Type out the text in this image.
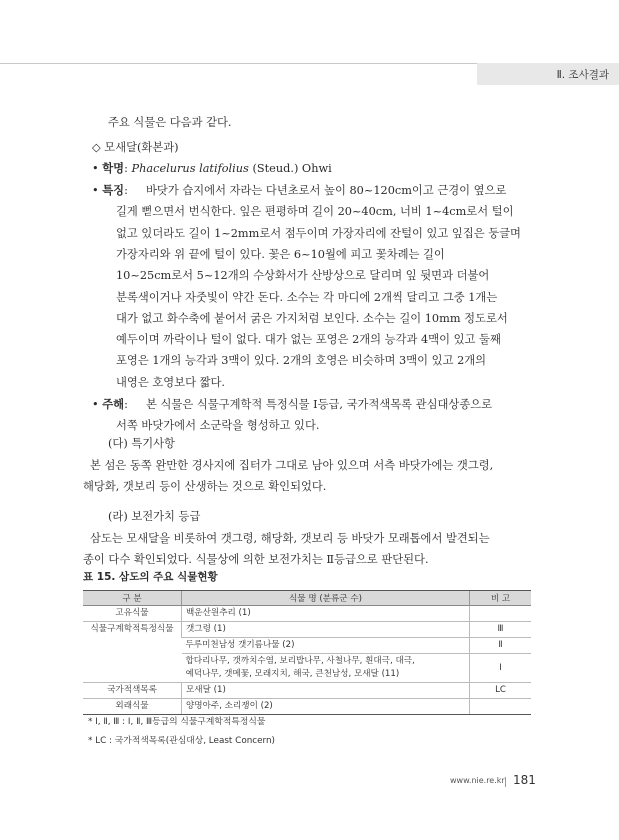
Ⅱ. 조사결과

주요 식물은 다음과 같다.

◇ 모새달(화본과)

• 학명: Phacelurus latifolius (Steud.) Ohwi
• 특징: 바닷가 습지에서 자라는 다년초로서 높이 80~120cm이고 근경이 옆으로

길게 뻗으면서 번식한다. 잎은 편평하며 길이 20~40cm, 너비 1~4cm로서 털이

없고 있더라도 길이 1~2mm로서 점두이며 가장자리에 잔털이 있고 잎집은 둥글며

가장자리와 위 끝에 털이 있다. 꽃은 6~10월에 피고 꽃차례는 길이

10~25cm로서 5~12개의 수상화서가 산방상으로 달리며 잎 뒷면과 더불어

분록색이거나 자줏빛이 약간 돈다. 소수는 각 마디에 2개씩 달리고 그중 1개는

대가 없고 화수축에 붙어서 굵은 가지처럼 보인다. 소수는 길이 10mm 정도로서

예두이며 까락이나 털이 없다. 대가 없는 포영은 2개의 능각과 4맥이 있고 둘째

포영은 1개의 능각과 3맥이 있다. 2개의 호영은 비슷하며 3맥이 있고 2개의

내영은 호영보다 짧다.

• 주해: 본 식물은 식물구계학적 특정식물 Ⅰ등급, 국가적색목록 관심대상종으로

서쪽 바닷가에서 소군락을 형성하고 있다.

(다) 특기사항

본 섬은 동쪽 완만한 경사지에 집터가 그대로 남아 있으며 서측 바닷가에는 갯그령,

해당화, 갯보리 등이 산생하는 것으로 확인되었다.

(라) 보전가치 등급

삼도는 모새달을 비롯하여 갯그령, 해당화, 갯보리 등 바닷가 모래톱에서 발견되는

종이 다수 확인되었다. 식물상에 의한 보전가치는 Ⅱ등급으로 판단된다.

표 15. 삼도의 주요 식물현황
구 분	식물 명 (분류군 수)	비 고
고유식물	백운산원추리 (1)	
식물구계학적특정식물	갯그령 (1)	Ⅲ
	두루미천남성 갯기름나물 (2)	Ⅱ

	합다리나무, 갯까치수염, 보리밥나무, 사철나무, 흰대극, 대극,
예덕나무, 갯메꽃, 모래지치, 해국, 큰천남성, 모새달 (11)	Ⅰ
국가적색목록	모새달 (1)	LC
외래식물	양명아주, 소리쟁이 (2)	
* Ⅰ, Ⅱ, Ⅲ : Ⅰ, Ⅱ, Ⅲ등급의 식물구계학적특정식물
* LC : 국가적색목록(관심대상, Least Concern)
www.nie.re.kr 181
